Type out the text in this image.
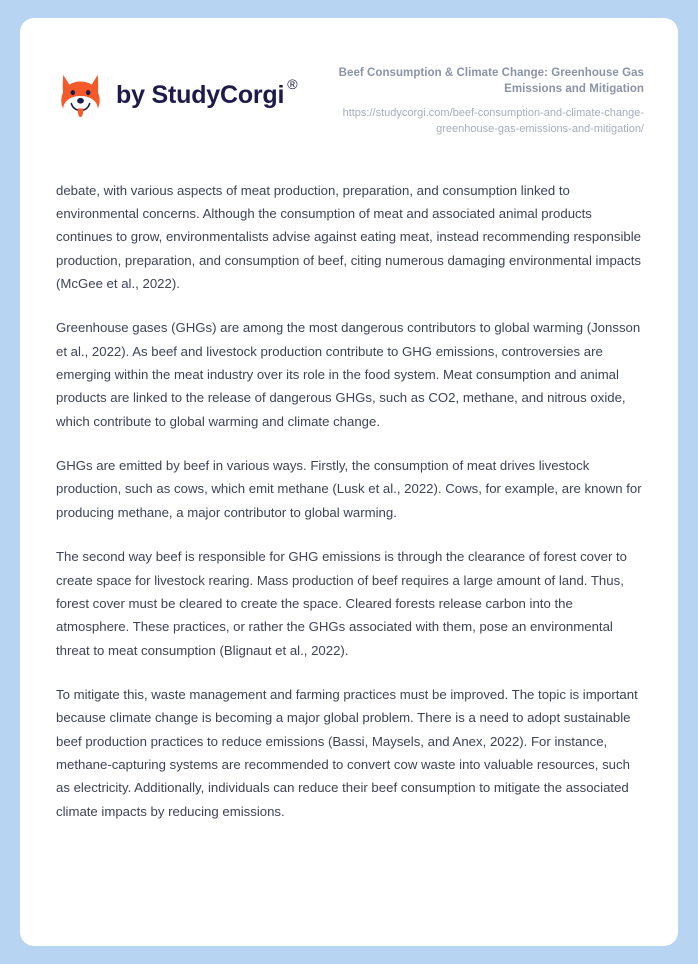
by StudyCorgi ®

Beef Consumption & Climate Change: Greenhouse Gas Emissions and Mitigation

https://studycorgi.com/beef-consumption-and-climate-change-greenhouse-gas-emissions-and-mitigation/

debate, with various aspects of meat production, preparation, and consumption linked to environmental concerns. Although the consumption of meat and associated animal products continues to grow, environmentalists advise against eating meat, instead recommending responsible production, preparation, and consumption of beef, citing numerous damaging environmental impacts (McGee et al., 2022).

Greenhouse gases (GHGs) are among the most dangerous contributors to global warming (Jonsson et al., 2022). As beef and livestock production contribute to GHG emissions, controversies are emerging within the meat industry over its role in the food system. Meat consumption and animal products are linked to the release of dangerous GHGs, such as CO2, methane, and nitrous oxide, which contribute to global warming and climate change.

GHGs are emitted by beef in various ways. Firstly, the consumption of meat drives livestock production, such as cows, which emit methane (Lusk et al., 2022). Cows, for example, are known for producing methane, a major contributor to global warming.

The second way beef is responsible for GHG emissions is through the clearance of forest cover to create space for livestock rearing. Mass production of beef requires a large amount of land. Thus, forest cover must be cleared to create the space. Cleared forests release carbon into the atmosphere. These practices, or rather the GHGs associated with them, pose an environmental threat to meat consumption (Blignaut et al., 2022).

To mitigate this, waste management and farming practices must be improved. The topic is important because climate change is becoming a major global problem. There is a need to adopt sustainable beef production practices to reduce emissions (Bassi, Maysels, and Anex, 2022). For instance, methane-capturing systems are recommended to convert cow waste into valuable resources, such as electricity. Additionally, individuals can reduce their beef consumption to mitigate the associated climate impacts by reducing emissions.
